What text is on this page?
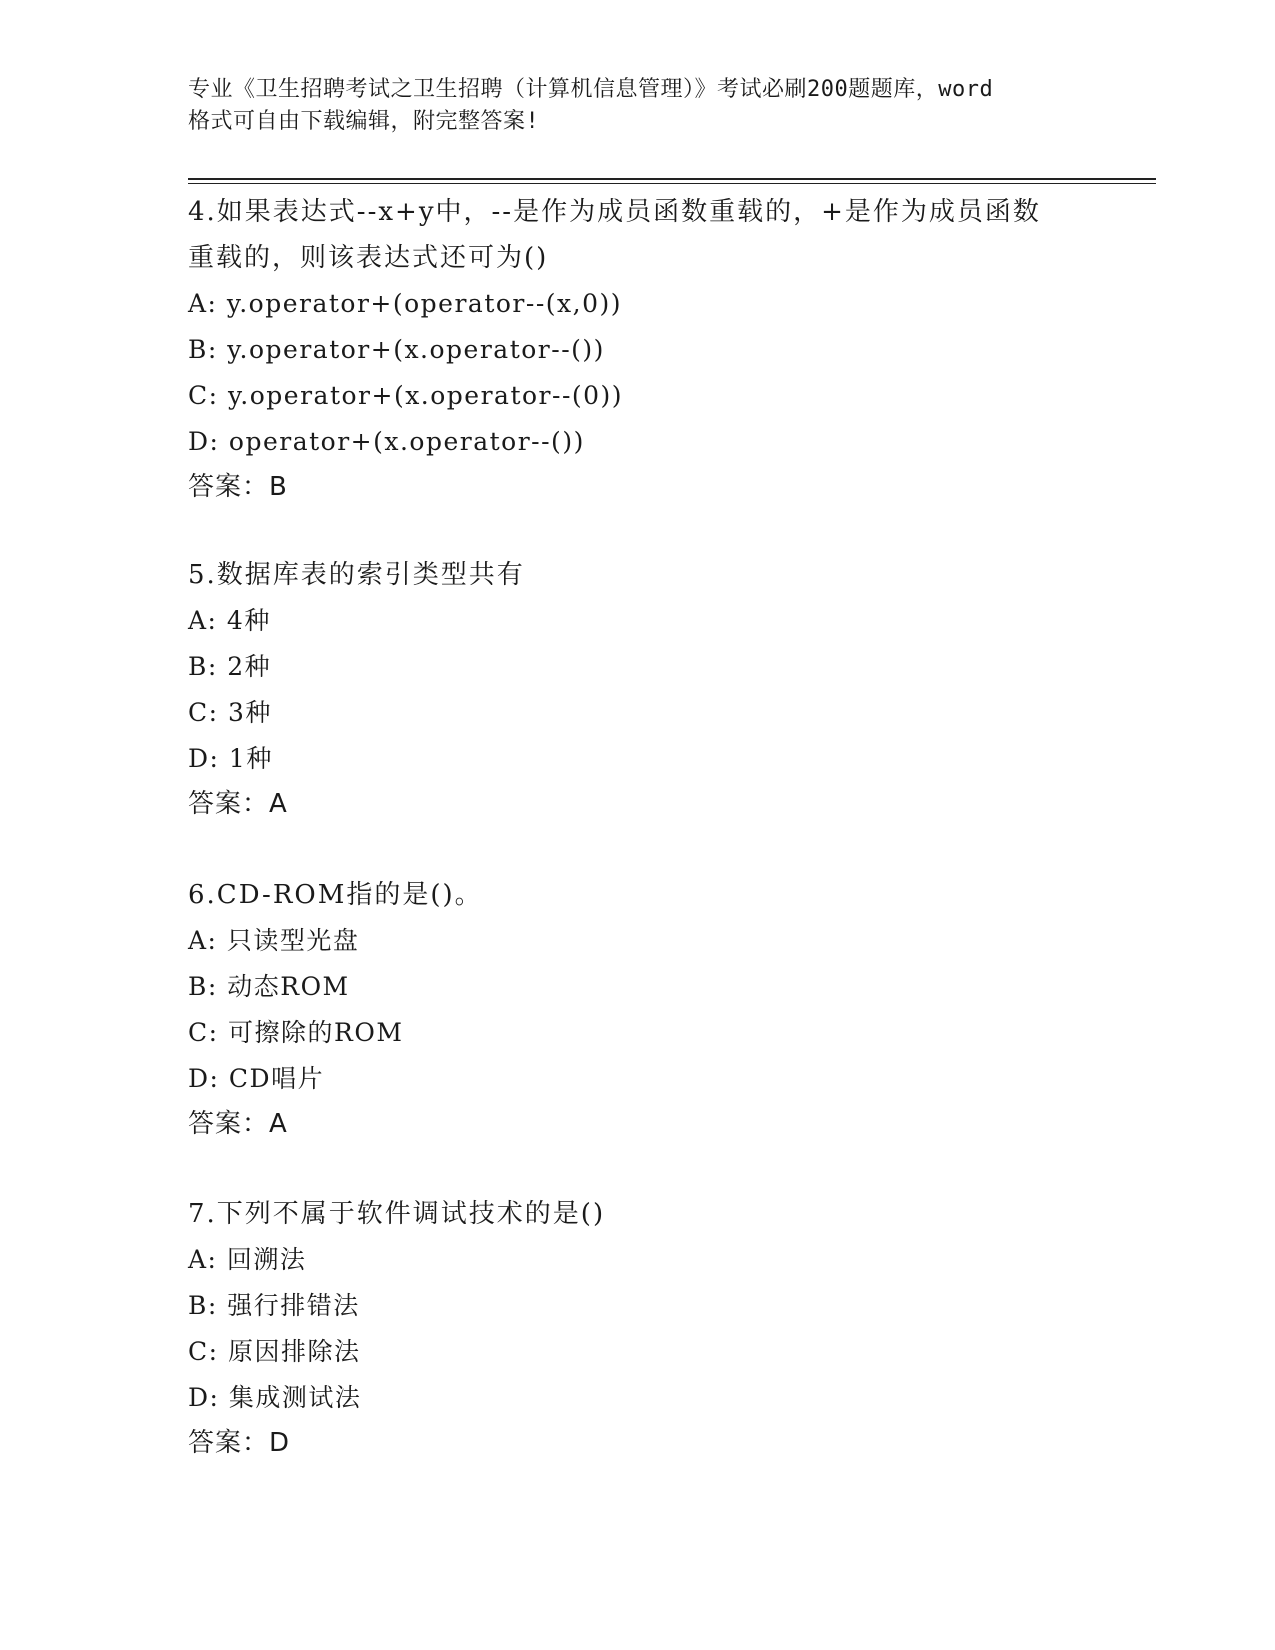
专业《卫生招聘考试之卫生招聘（计算机信息管理）》考试必刷200题题库，word
格式可自由下载编辑，附完整答案!
4.如果表达式--x+y中，--是作为成员函数重载的，+是作为成员函数
重载的，则该表达式还可为()
A: y.operator+(operator--(x,0))
B: y.operator+(x.operator--())
C: y.operator+(x.operator--(0))
D: operator+(x.operator--())
答案：B
5.数据库表的索引类型共有
A: 4种
B: 2种
C: 3种
D: 1种
答案：A
6.CD-ROM指的是()。
A: 只读型光盘
B: 动态ROM
C: 可擦除的ROM
D: CD唱片
答案：A
7.下列不属于软件调试技术的是()
A: 回溯法
B: 强行排错法
C: 原因排除法
D: 集成测试法
答案：D
